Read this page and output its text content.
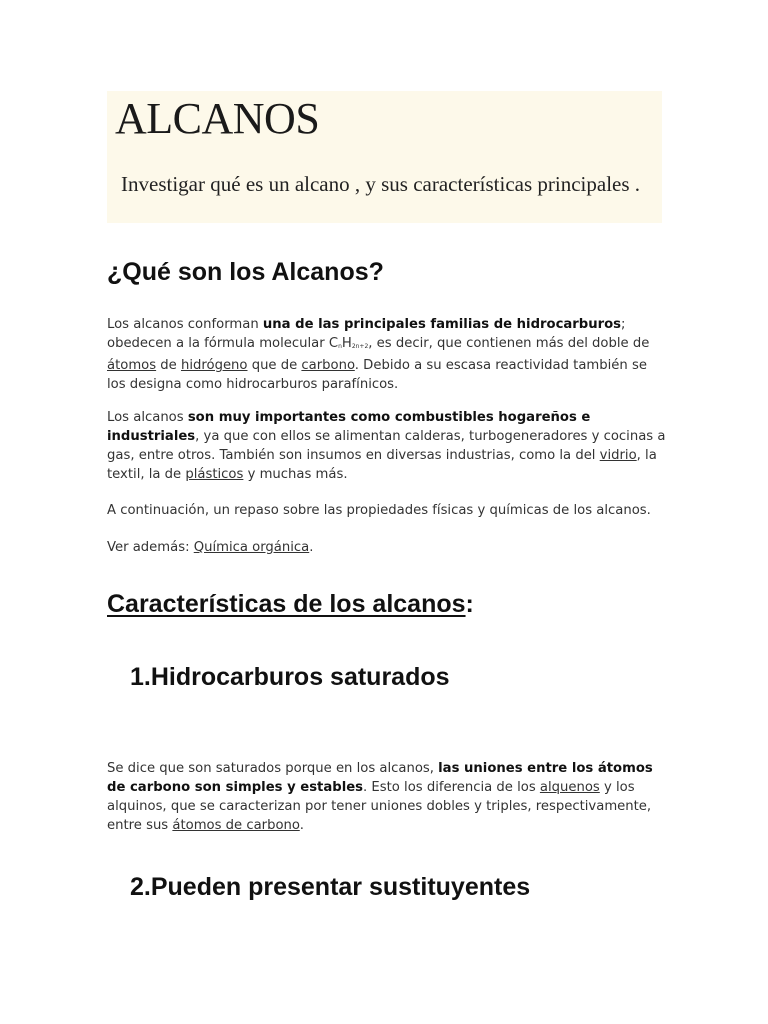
ALCANOS

Investigar qué es un alcano , y sus características principales .

¿Qué son los Alcanos?

Los alcanos conforman una de las principales familias de hidrocarburos; obedecen a la fórmula molecular $C_nH_{2n+2}$, es decir, que contienen más del doble de átomos de hidrógeno que de carbono. Debido a su escasa reactividad también se los designa como hidrocarburos parafínicos.

Los alcanos son muy importantes como combustibles hogareños e industriales, ya que con ellos se alimentan calderas, turbogeneradores y cocinas a gas, entre otros. También son insumos en diversas industrias, como la del vidrio, la textil, la de plásticos y muchas más.

A continuación, un repaso sobre las propiedades físicas y químicas de los alcanos.

Ver además: Química orgánica.

Características de los alcanos:
1.Hidrocarburos saturados

Se dice que son saturados porque en los alcanos, las uniones entre los átomos de carbono son simples y estables. Esto los diferencia de los alquenos y los alquinos, que se caracterizan por tener uniones dobles y triples, respectivamente, entre sus átomos de carbono.

2.Pueden presentar sustituyentes
